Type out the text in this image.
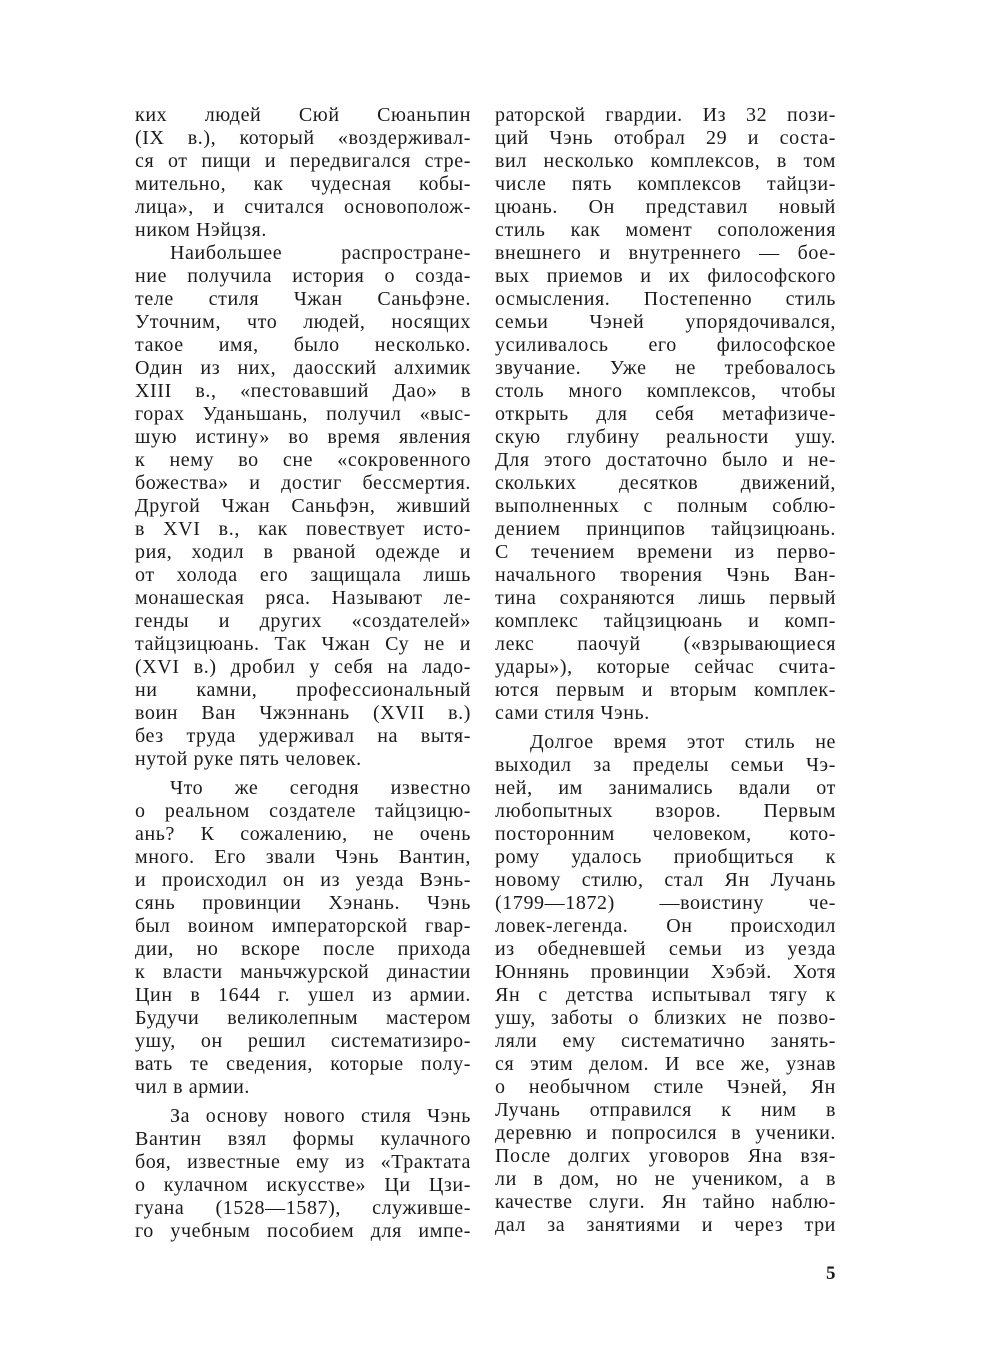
ких людей Сюй Сюаньпин
(IX в.), который «воздерживал-
ся от пищи и передвигался стре-
мительно, как чудесная кобы-
лица», и считался основополож-
ником Нэйцзя.
Наибольшее распростране-
ние получила история о созда-
теле стиля Чжан Саньфэне.
Уточним, что людей, носящих
такое имя, было несколько.
Один из них, даосский алхимик
XIII в., «пестовавший Дао» в
горах Уданьшань, получил «выс-
шую истину» во время явления
к нему во сне «сокровенного
божества» и достиг бессмертия.
Другой Чжан Саньфэн, живший
в XVI в., как повествует исто-
рия, ходил в рваной одежде и
от холода его защищала лишь
монашеская ряса. Называют ле-
генды и других «создателей»
тайцзицюань. Так Чжан Су не и
(XVI в.) дробил у себя на ладо-
ни камни, профессиональный
воин Ван Чжэннань (XVII в.)
без труда удерживал на вытя-
нутой руке пять человек.
Что же сегодня известно
о реальном создателе тайцзицю-
ань? К сожалению, не очень
много. Его звали Чэнь Вантин,
и происходил он из уезда Вэнь-
сянь провинции Хэнань. Чэнь
был воином императорской гвар-
дии, но вскоре после прихода
к власти маньчжурской династии
Цин в 1644 г. ушел из армии.
Будучи великолепным мастером
ушу, он решил систематизиро-
вать те сведения, которые полу-
чил в армии.
За основу нового стиля Чэнь
Вантин взял формы кулачного
боя, известные ему из «Трактата
о кулачном искусстве» Ци Цзи-
гуана (1528—1587), служивше-
го учебным пособием для импе-
раторской гвардии. Из 32 пози-
ций Чэнь отобрал 29 и соста-
вил несколько комплексов, в том
числе пять комплексов тайцзи-
цюань. Он представил новый
стиль как момент соположения
внешнего и внутреннего — бое-
вых приемов и их философского
осмысления. Постепенно стиль
семьи Чэней упорядочивался,
усиливалось его философское
звучание. Уже не требовалось
столь много комплексов, чтобы
открыть для себя метафизиче-
скую глубину реальности ушу.
Для этого достаточно было и не-
скольких десятков движений,
выполненных с полным соблю-
дением принципов тайцзицюань.
С течением времени из перво-
начального творения Чэнь Ван-
тина сохраняются лишь первый
комплекс тайцзицюань и комп-
лекс паочуй («взрывающиеся
удары»), которые сейчас счита-
ются первым и вторым комплек-
сами стиля Чэнь.
Долгое время этот стиль не
выходил за пределы семьи Чэ-
ней, им занимались вдали от
любопытных взоров. Первым
посторонним человеком, кото-
рому удалось приобщиться к
новому стилю, стал Ян Лучань
(1799—1872) —воистину че-
ловек-легенда. Он происходил
из обедневшей семьи из уезда
Юннянь провинции Хэбэй. Хотя
Ян с детства испытывал тягу к
ушу, заботы о близких не позво-
ляли ему систематично занять-
ся этим делом. И все же, узнав
о необычном стиле Чэней, Ян
Лучань отправился к ним в
деревню и попросился в ученики.
После долгих уговоров Яна взя-
ли в дом, но не учеником, а в
качестве слуги. Ян тайно наблю-
дал за занятиями и через три
5
